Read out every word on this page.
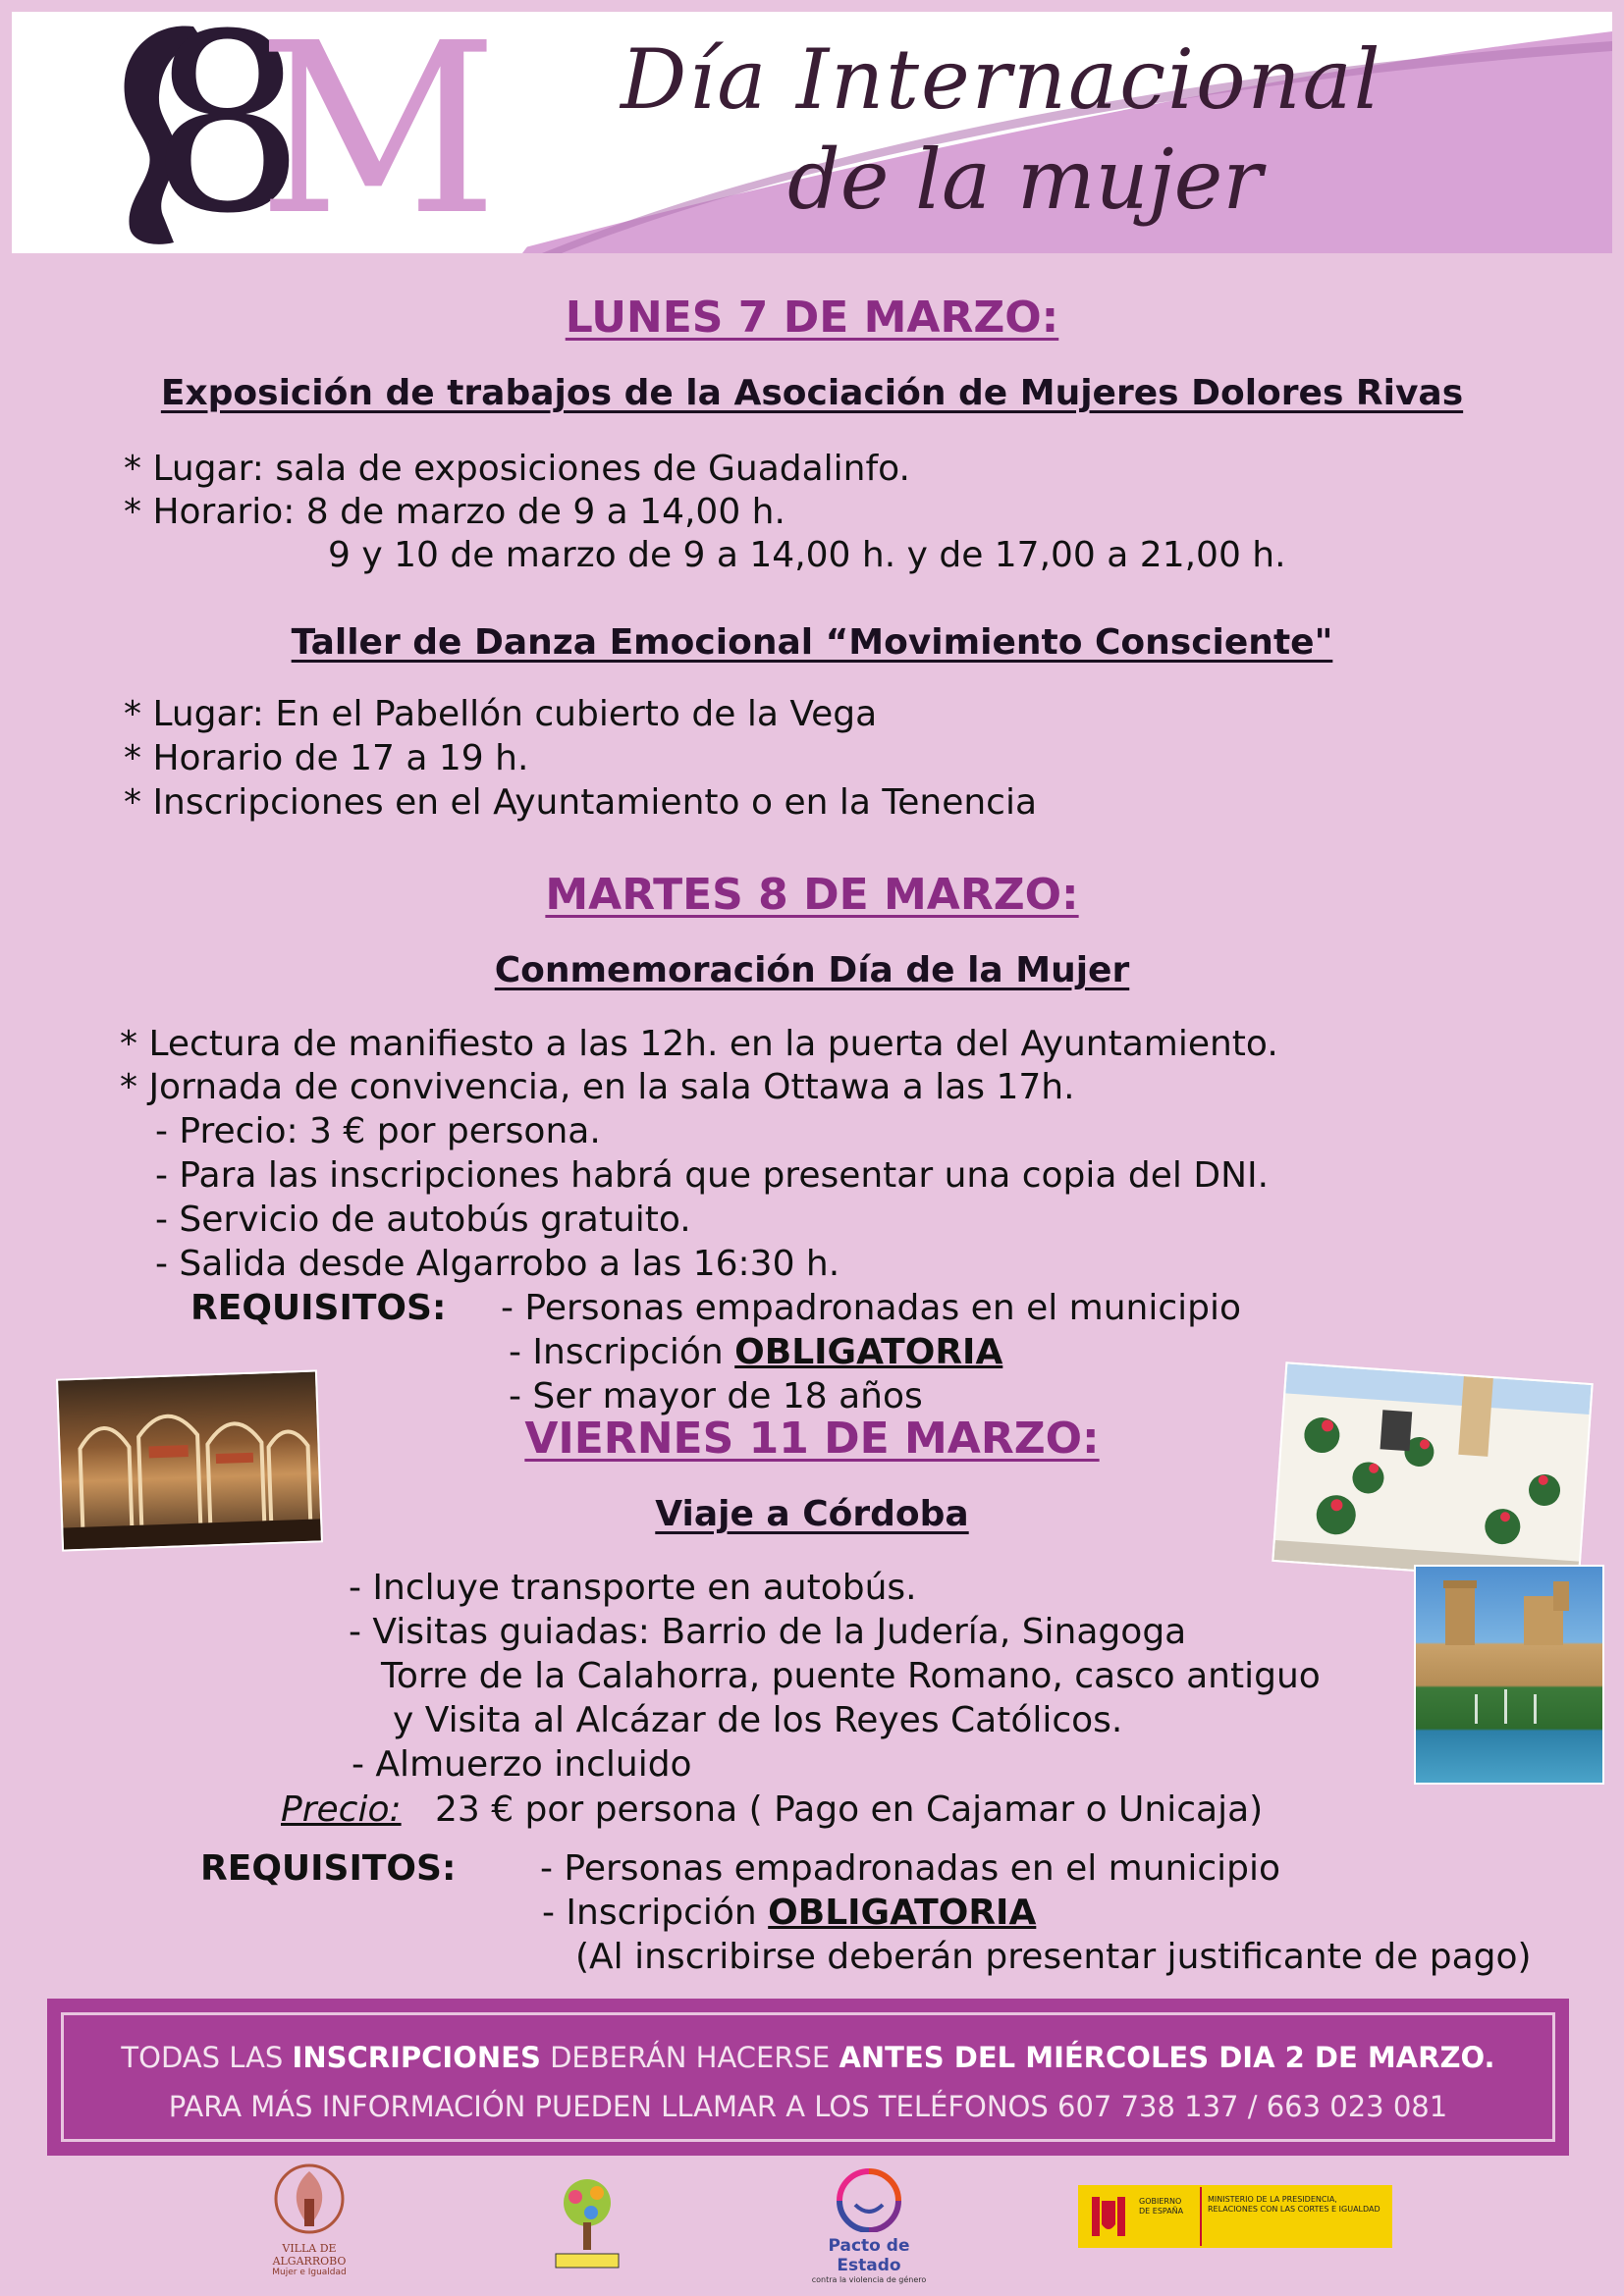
8
M Día Internacional
de la mujer
LUNES 7 DE MARZO:
Exposición de trabajos de la Asociación de Mujeres Dolores Rivas
* Lugar: sala de exposiciones de Guadalinfo.
* Horario: 8 de marzo de 9 a 14,00 h.
9 y 10 de marzo de 9 a 14,00 h. y de 17,00 a 21,00 h.
Taller de Danza Emocional “Movimiento Consciente"
* Lugar: En el Pabellón cubierto de la Vega
* Horario de 17 a 19 h.
* Inscripciones en el Ayuntamiento o en la Tenencia
MARTES 8 DE MARZO:
Conmemoración Día de la Mujer
* Lectura de manifiesto a las 12h. en la puerta del Ayuntamiento.
* Jornada de convivencia, en la sala Ottawa a las 17h.
- Precio: 3 € por persona.
- Para las inscripciones habrá que presentar una copia del DNI.
- Servicio de autobús gratuito.
- Salida desde Algarrobo a las 16:30 h.
REQUISITOS: - Personas empadronadas en el municipio
- Inscripción OBLIGATORIA
- Ser mayor de 18 años
VIERNES 11 DE MARZO:
Viaje a Córdoba
- Incluye transporte en autobús.
- Visitas guiadas: Barrio de la Judería, Sinagoga
Torre de la Calahorra, puente Romano, casco antiguo
y Visita al Alcázar de los Reyes Católicos.
- Almuerzo incluido
Precio: 23 € por persona ( Pago en Cajamar o Unicaja)
REQUISITOS: - Personas empadronadas en el municipio
- Inscripción OBLIGATORIA
(Al inscribirse deberán presentar justificante de pago)
TODAS LAS INSCRIPCIONES DEBERÁN HACERSE ANTES DEL MIÉRCOLES DIA 2 DE MARZO.
PARA MÁS INFORMACIÓN PUEDEN LLAMAR A LOS TELÉFONOS 607 738 137 / 663 023 081
VILLA DE
ALGARROBO
Mujer e Igualdad
Pacto de Estado
contra la violencia de género
GOBIERNO DE ESPAÑA
MINISTERIO DE LA PRESIDENCIA, RELACIONES CON LAS CORTES E IGUALDAD
